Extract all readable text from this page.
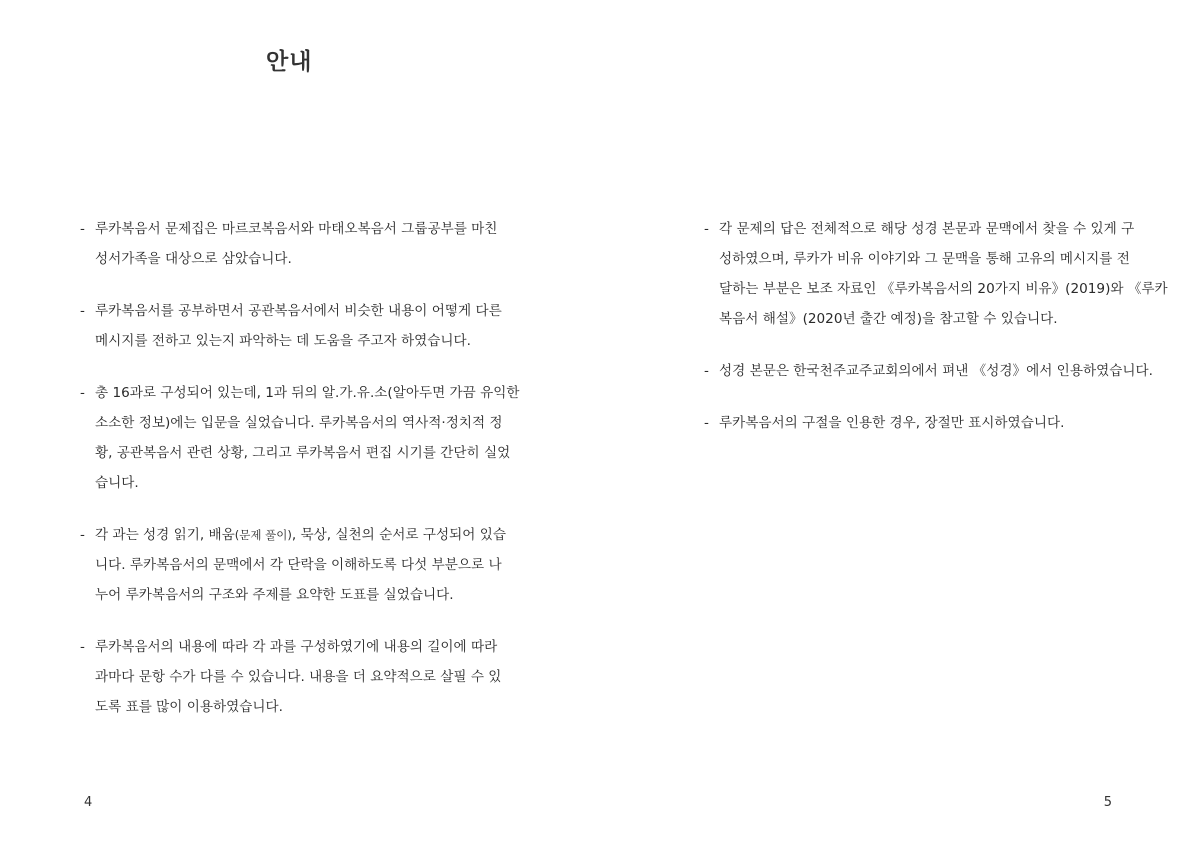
안내
- 루카복음서 문제집은 마르코복음서와 마태오복음서 그룹공부를 마친
성서가족을 대상으로 삼았습니다.
- 루카복음서를 공부하면서 공관복음서에서 비슷한 내용이 어떻게 다른
메시지를 전하고 있는지 파악하는 데 도움을 주고자 하였습니다.
- 총 16과로 구성되어 있는데, 1과 뒤의 알.가.유.소(알아두면 가끔 유익한
소소한 정보)에는 입문을 실었습니다. 루카복음서의 역사적·정치적 정
황, 공관복음서 관련 상황, 그리고 루카복음서 편집 시기를 간단히 실었
습니다.
- 각 과는 성경 읽기, 배움(문제 풀이), 묵상, 실천의 순서로 구성되어 있습
니다. 루카복음서의 문맥에서 각 단락을 이해하도록 다섯 부분으로 나
누어 루카복음서의 구조와 주제를 요약한 도표를 실었습니다.
- 루카복음서의 내용에 따라 각 과를 구성하였기에 내용의 길이에 따라
과마다 문항 수가 다를 수 있습니다. 내용을 더 요약적으로 살필 수 있
도록 표를 많이 이용하였습니다.

4

- 각 문제의 답은 전체적으로 해당 성경 본문과 문맥에서 찾을 수 있게 구
성하였으며, 루카가 비유 이야기와 그 문맥을 통해 고유의 메시지를 전
달하는 부분은 보조 자료인 《루카복음서의 20가지 비유》(2019)와 《루카
복음서 해설》(2020년 출간 예정)을 참고할 수 있습니다.
- 성경 본문은 한국천주교주교회의에서 펴낸 《성경》에서 인용하였습니다.
- 루카복음서의 구절을 인용한 경우, 장절만 표시하였습니다.

5
